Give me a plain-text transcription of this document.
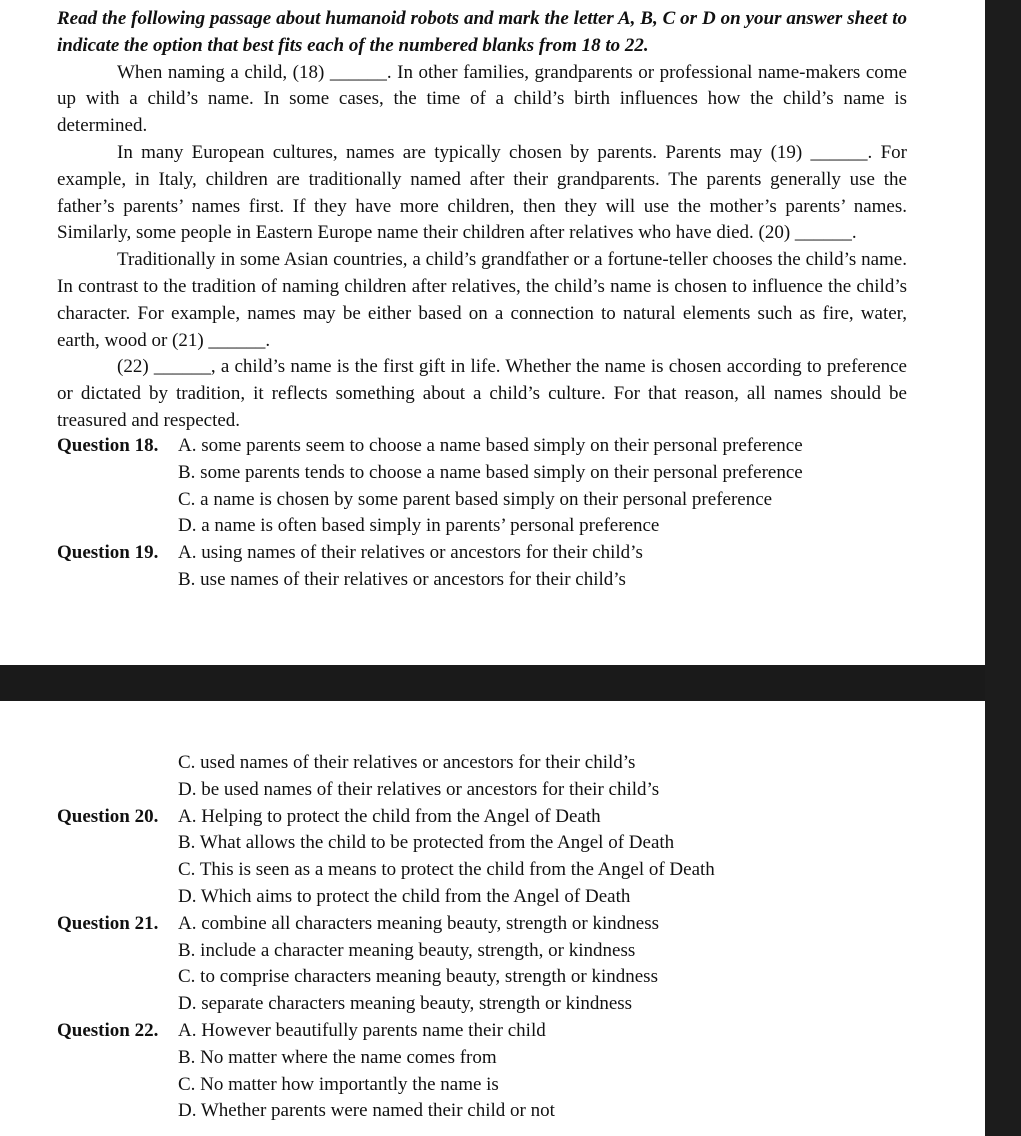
Read the following passage about humanoid robots and mark the letter A, B, C or D on your answer sheet to indicate the option that best fits each of the numbered blanks from 18 to 22.

When naming a child, (18) ______. In other families, grandparents or professional name-makers come up with a child’s name. In some cases, the time of a child’s birth influences how the child’s name is determined.

In many European cultures, names are typically chosen by parents. Parents may (19) ______. For example, in Italy, children are traditionally named after their grandparents. The parents generally use the father’s parents’ names first. If they have more children, then they will use the mother’s parents’ names. Similarly, some people in Eastern Europe name their children after relatives who have died. (20) ______.

Traditionally in some Asian countries, a child’s grandfather or a fortune-teller chooses the child’s name. In contrast to the tradition of naming children after relatives, the child’s name is chosen to influence the child’s character. For example, names may be either based on a connection to natural elements such as fire, water, earth, wood or (21) ______.

(22) ______, a child’s name is the first gift in life. Whether the name is chosen according to preference or dictated by tradition, it reflects something about a child’s culture. For that reason, all names should be treasured and respected.

Question 18.	A. some parents seem to choose a name based simply on their personal preference
B. some parents tends to choose a name based simply on their personal preference
C. a name is chosen by some parent based simply on their personal preference
D. a name is often based simply in parents’ personal preference
Question 19.	A. using names of their relatives or ancestors for their child’s
B. use names of their relatives or ancestors for their child’s
C. used names of their relatives or ancestors for their child’s
D. be used names of their relatives or ancestors for their child’s
Question 20.	A. Helping to protect the child from the Angel of Death
B. What allows the child to be protected from the Angel of Death
C. This is seen as a means to protect the child from the Angel of Death
D. Which aims to protect the child from the Angel of Death
Question 21.	A. combine all characters meaning beauty, strength or kindness
B. include a character meaning beauty, strength, or kindness
C. to comprise characters meaning beauty, strength or kindness
D. separate characters meaning beauty, strength or kindness
Question 22.	A. However beautifully parents name their child
B. No matter where the name comes from
C. No matter how importantly the name is
D. Whether parents were named their child or not
